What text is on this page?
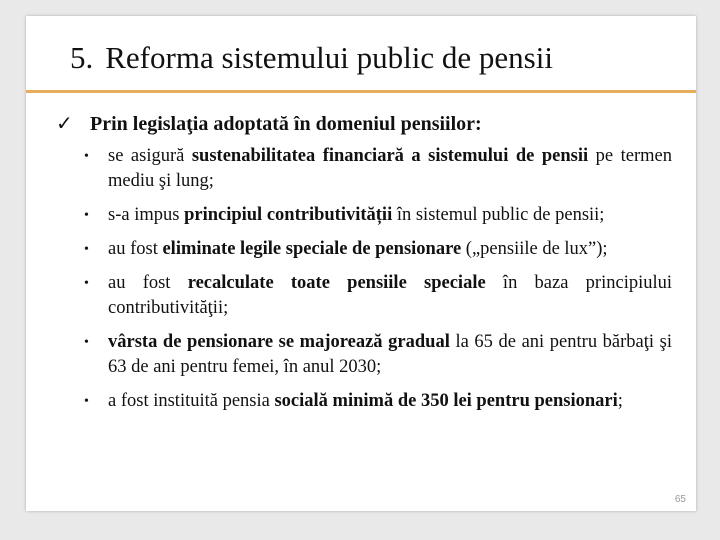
5. Reforma sistemului public de pensii
✓ Prin legislaţia adoptată în domeniul pensiilor:
• se asigură sustenabilitatea financiară a sistemului de pensii pe termen mediu şi lung;
• s-a impus principiul contributivității în sistemul public de pensii;
• au fost eliminate legile speciale de pensionare („pensiile de lux”);
• au fost recalculate toate pensiile speciale în baza principiului contributivităţii;
• vârsta de pensionare se majorează gradual la 65 de ani pentru bărbaţi şi 63 de ani pentru femei, în anul 2030;
• a fost instituită pensia socială minimă de 350 lei pentru pensionari;
65
